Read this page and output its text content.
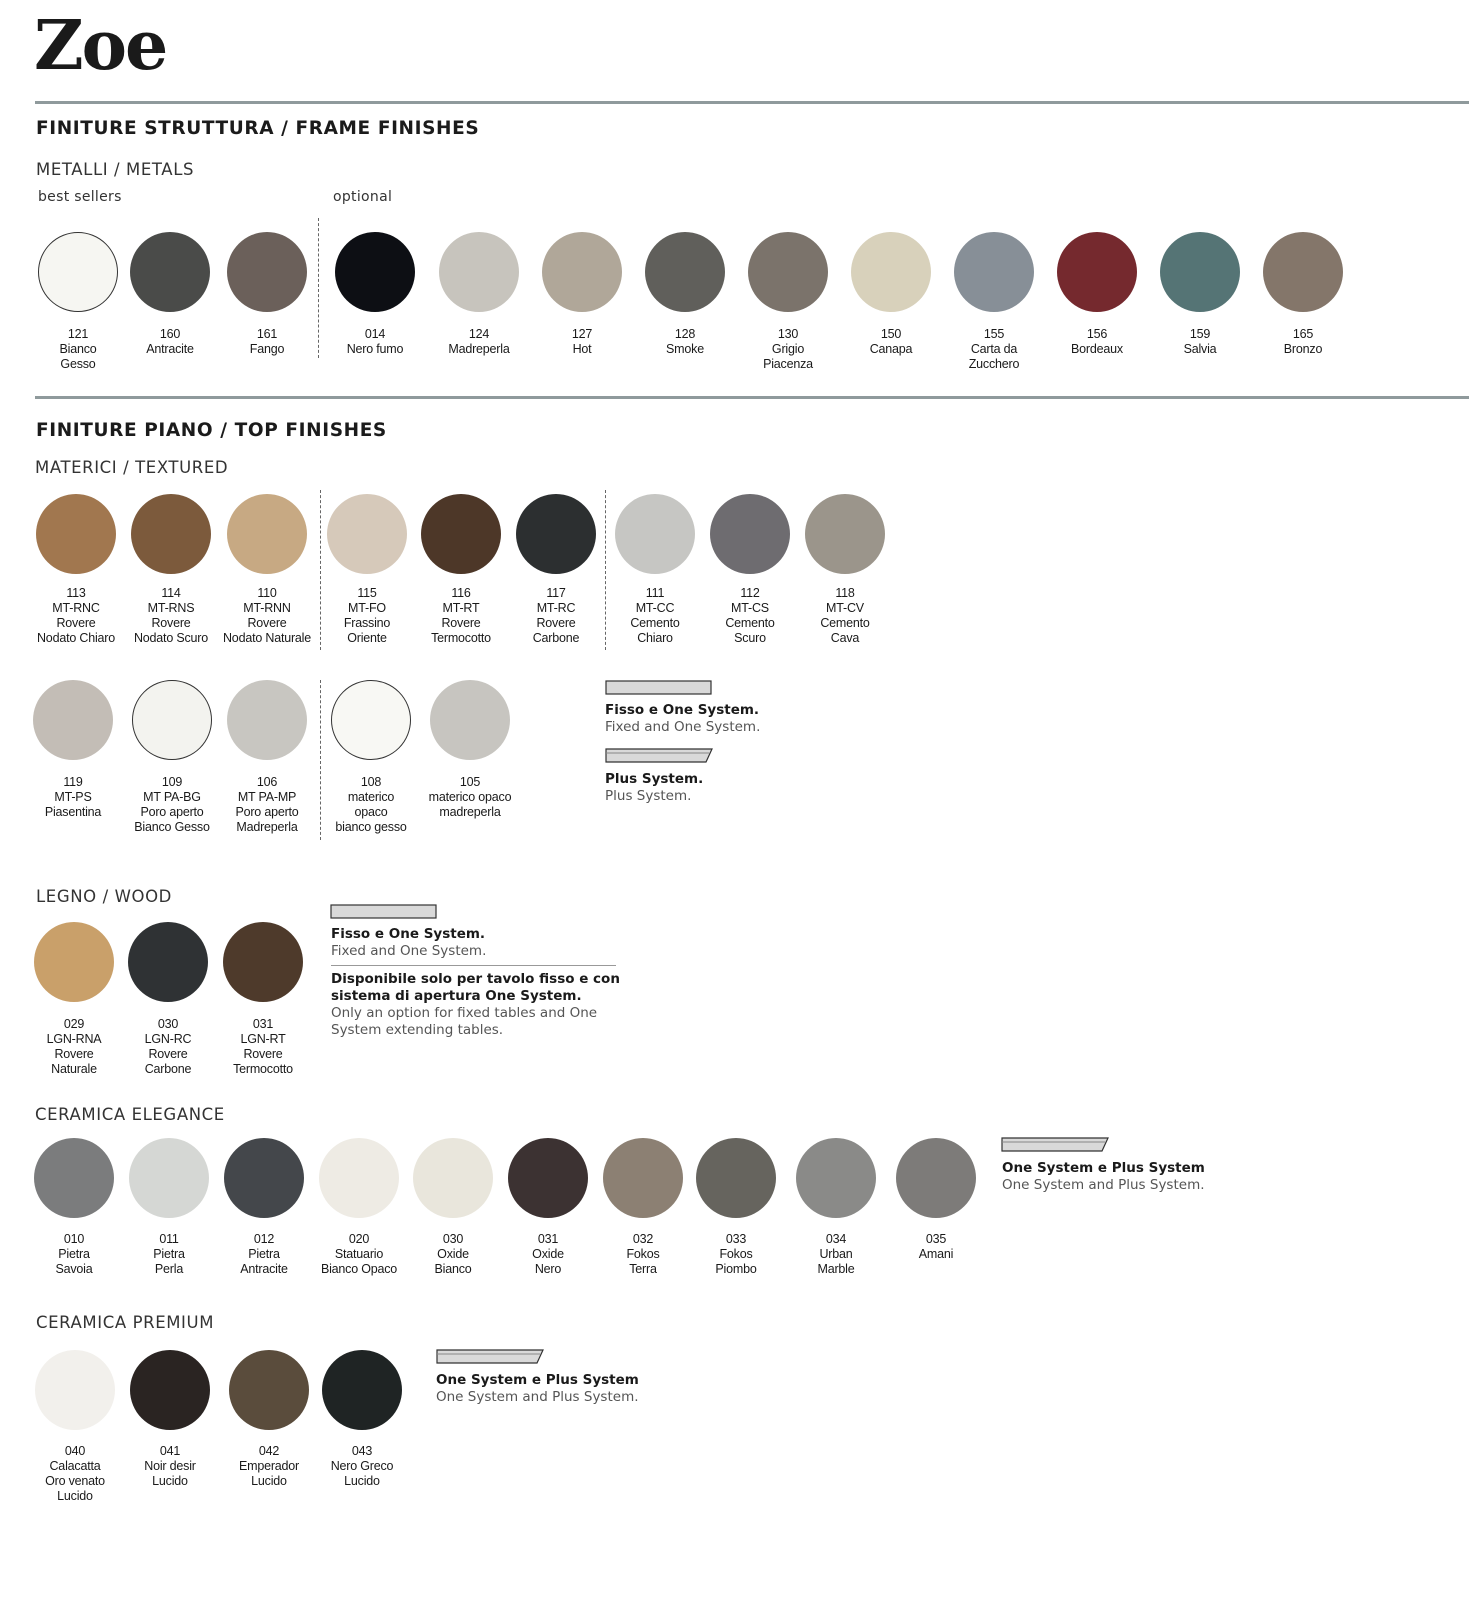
Zoe
FINITURE STRUTTURA / FRAME FINISHES
METALLI / METALS
best sellers	optional
121
Bianco
Gesso
160
Antracite
161
Fango
014
Nero fumo
124
Madreperla
127
Hot
128
Smoke
130
Grigio
Piacenza
150
Canapa
155
Carta da
Zucchero
156
Bordeaux
159
Salvia
165
Bronzo
FINITURE PIANO / TOP FINISHES
MATERICI / TEXTURED
113
MT-RNC
Rovere
Nodato Chiaro
114
MT-RNS
Rovere
Nodato Scuro
110
MT-RNN
Rovere
Nodato Naturale
115
MT-FO
Frassino
Oriente
116
MT-RT
Rovere
Termocotto
117
MT-RC
Rovere
Carbone
111
MT-CC
Cemento
Chiaro
112
MT-CS
Cemento
Scuro
118
MT-CV
Cemento
Cava
119
MT-PS
Piasentina
109
MT PA-BG
Poro aperto
Bianco Gesso
106
MT PA-MP
Poro aperto
Madreperla
108
materico
opaco
bianco gesso
105
materico opaco
madreperla
Fisso e One System.
Fixed and One System.
Plus System.
Plus System.
LEGNO / WOOD
029
LGN-RNA
Rovere
Naturale
030
LGN-RC
Rovere
Carbone
031
LGN-RT
Rovere
Termocotto
Fisso e One System.
Fixed and One System.
Disponibile solo per tavolo fisso e con sistema di apertura One System.
Only an option for fixed tables and One System extending tables.
CERAMICA ELEGANCE
010
Pietra
Savoia
011
Pietra
Perla
012
Pietra
Antracite
020
Statuario
Bianco Opaco
030
Oxide
Bianco
031
Oxide
Nero
032
Fokos
Terra
033
Fokos
Piombo
034
Urban
Marble
035
Amani
One System e Plus System
One System and Plus System.
CERAMICA PREMIUM
040
Calacatta
Oro venato
Lucido
041
Noir desir
Lucido
042
Emperador
Lucido
043
Nero Greco
Lucido
One System e Plus System
One System and Plus System.
